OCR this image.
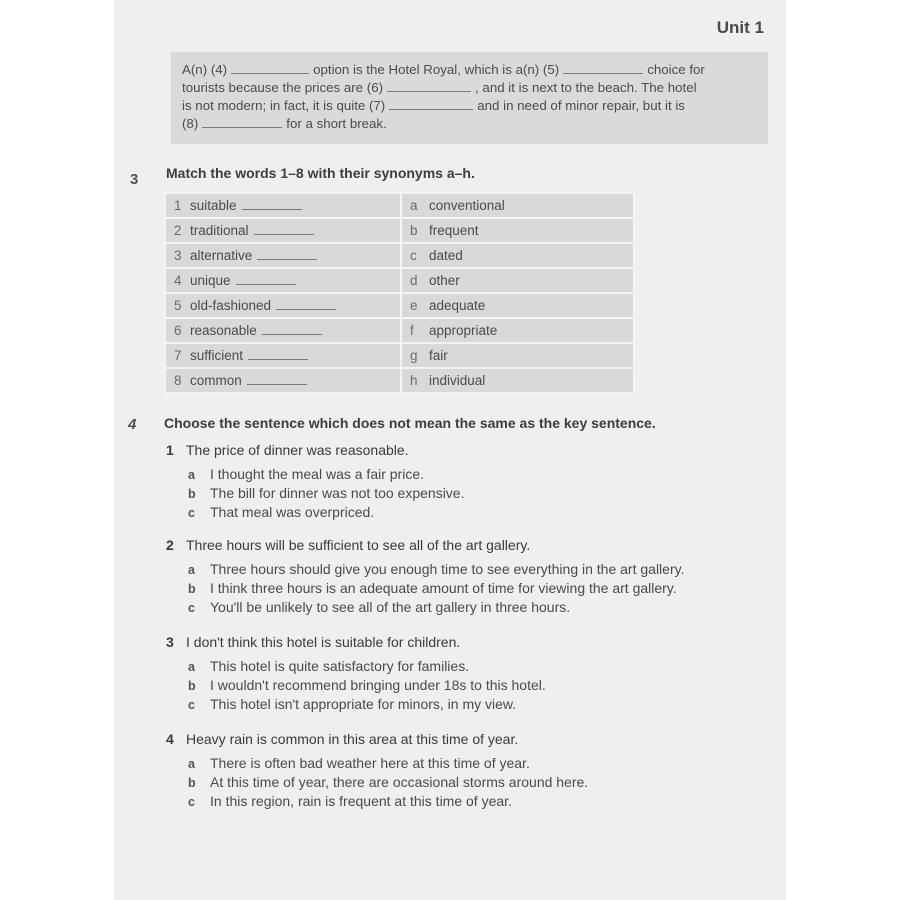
Unit 1
A(n) (4)	option is the Hotel Royal, which is a(n) (5)	choice for
tourists because the prices are (6)	, and it is next to the beach. The hotel
is not modern; in fact, it is quite (7)	and in need of minor repair, but it is
(8)	for a short break.
3 Match the words 1–8 with their synonyms a–h.
1 suitable	a conventional
2 traditional	b frequent
3 alternative	c dated
4 unique	d other
5 old-fashioned	e adequate
6 reasonable	f appropriate
7 sufficient	g fair
8 common	h individual
4 Choose the sentence which does not mean the same as the key sentence.
1 The price of dinner was reasonable.
a I thought the meal was a fair price.
b The bill for dinner was not too expensive.
c That meal was overpriced.
2 Three hours will be sufficient to see all of the art gallery.
a Three hours should give you enough time to see everything in the art gallery.
b I think three hours is an adequate amount of time for viewing the art gallery.
c You'll be unlikely to see all of the art gallery in three hours.
3 I don't think this hotel is suitable for children.
a This hotel is quite satisfactory for families.
b I wouldn't recommend bringing under 18s to this hotel.
c This hotel isn't appropriate for minors, in my view.
4 Heavy rain is common in this area at this time of year.
a There is often bad weather here at this time of year.
b At this time of year, there are occasional storms around here.
c In this region, rain is frequent at this time of year.
